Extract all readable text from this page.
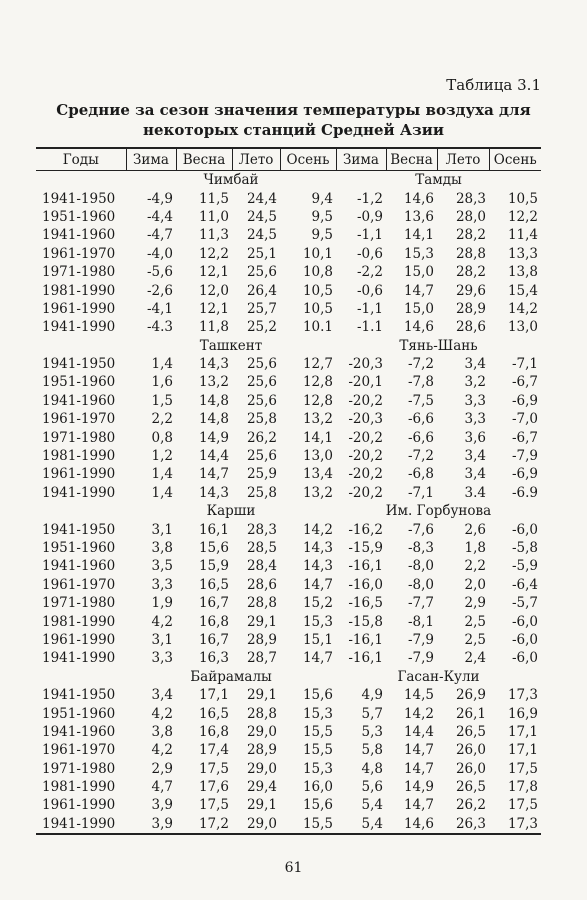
Таблица 3.1
Средние за сезон значения температуры воздуха для
некоторых станций Средней Азии
Годы	Зима	Весна	Лето	Осень	Зима	Весна	Лето	Осень
	Чимбай				Тамды			
1941-1950	-4,9	11,5	24,4	9,4	-1,2	14,6	28,3	10,5
1951-1960	-4,4	11,0	24,5	9,5	-0,9	13,6	28,0	12,2
1941-1960	-4,7	11,3	24,5	9,5	-1,1	14,1	28,2	11,4
1961-1970	-4,0	12,2	25,1	10,1	-0,6	15,3	28,8	13,3
1971-1980	-5,6	12,1	25,6	10,8	-2,2	15,0	28,2	13,8
1981-1990	-2,6	12,0	26,4	10,5	-0,6	14,7	29,6	15,4
1961-1990	-4,1	12,1	25,7	10,5	-1,1	15,0	28,9	14,2
1941-1990	-4.3	11,8	25,2	10.1	-1.1	14,6	28,6	13,0
	Ташкент				Тянь-Шань			
1941-1950	1,4	14,3	25,6	12,7	-20,3	-7,2	3,4	-7,1
1951-1960	1,6	13,2	25,6	12,8	-20,1	-7,8	3,2	-6,7
1941-1960	1,5	14,8	25,6	12,8	-20,2	-7,5	3,3	-6,9
1961-1970	2,2	14,8	25,8	13,2	-20,3	-6,6	3,3	-7,0
1971-1980	0,8	14,9	26,2	14,1	-20,2	-6,6	3,6	-6,7
1981-1990	1,2	14,4	25,6	13,0	-20,2	-7,2	3,4	-7,9
1961-1990	1,4	14,7	25,9	13,4	-20,2	-6,8	3,4	-6,9
1941-1990	1,4	14,3	25,8	13,2	-20,2	-7,1	3.4	-6.9
	Карши				Им. Горбунова			
1941-1950	3,1	16,1	28,3	14,2	-16,2	-7,6	2,6	-6,0
1951-1960	3,8	15,6	28,5	14,3	-15,9	-8,3	1,8	-5,8
1941-1960	3,5	15,9	28,4	14,3	-16,1	-8,0	2,2	-5,9
1961-1970	3,3	16,5	28,6	14,7	-16,0	-8,0	2,0	-6,4
1971-1980	1,9	16,7	28,8	15,2	-16,5	-7,7	2,9	-5,7
1981-1990	4,2	16,8	29,1	15,3	-15,8	-8,1	2,5	-6,0
1961-1990	3,1	16,7	28,9	15,1	-16,1	-7,9	2,5	-6,0
1941-1990	3,3	16,3	28,7	14,7	-16,1	-7,9	2,4	-6,0
	Байрамалы				Гасан-Кули			
1941-1950	3,4	17,1	29,1	15,6	4,9	14,5	26,9	17,3
1951-1960	4,2	16,5	28,8	15,3	5,7	14,2	26,1	16,9
1941-1960	3,8	16,8	29,0	15,5	5,3	14,4	26,5	17,1
1961-1970	4,2	17,4	28,9	15,5	5,8	14,7	26,0	17,1
1971-1980	2,9	17,5	29,0	15,3	4,8	14,7	26,0	17,5
1981-1990	4,7	17,6	29,4	16,0	5,6	14,9	26,5	17,8
1961-1990	3,9	17,5	29,1	15,6	5,4	14,7	26,2	17,5
1941-1990	3,9	17,2	29,0	15,5	5,4	14,6	26,3	17,3
61
